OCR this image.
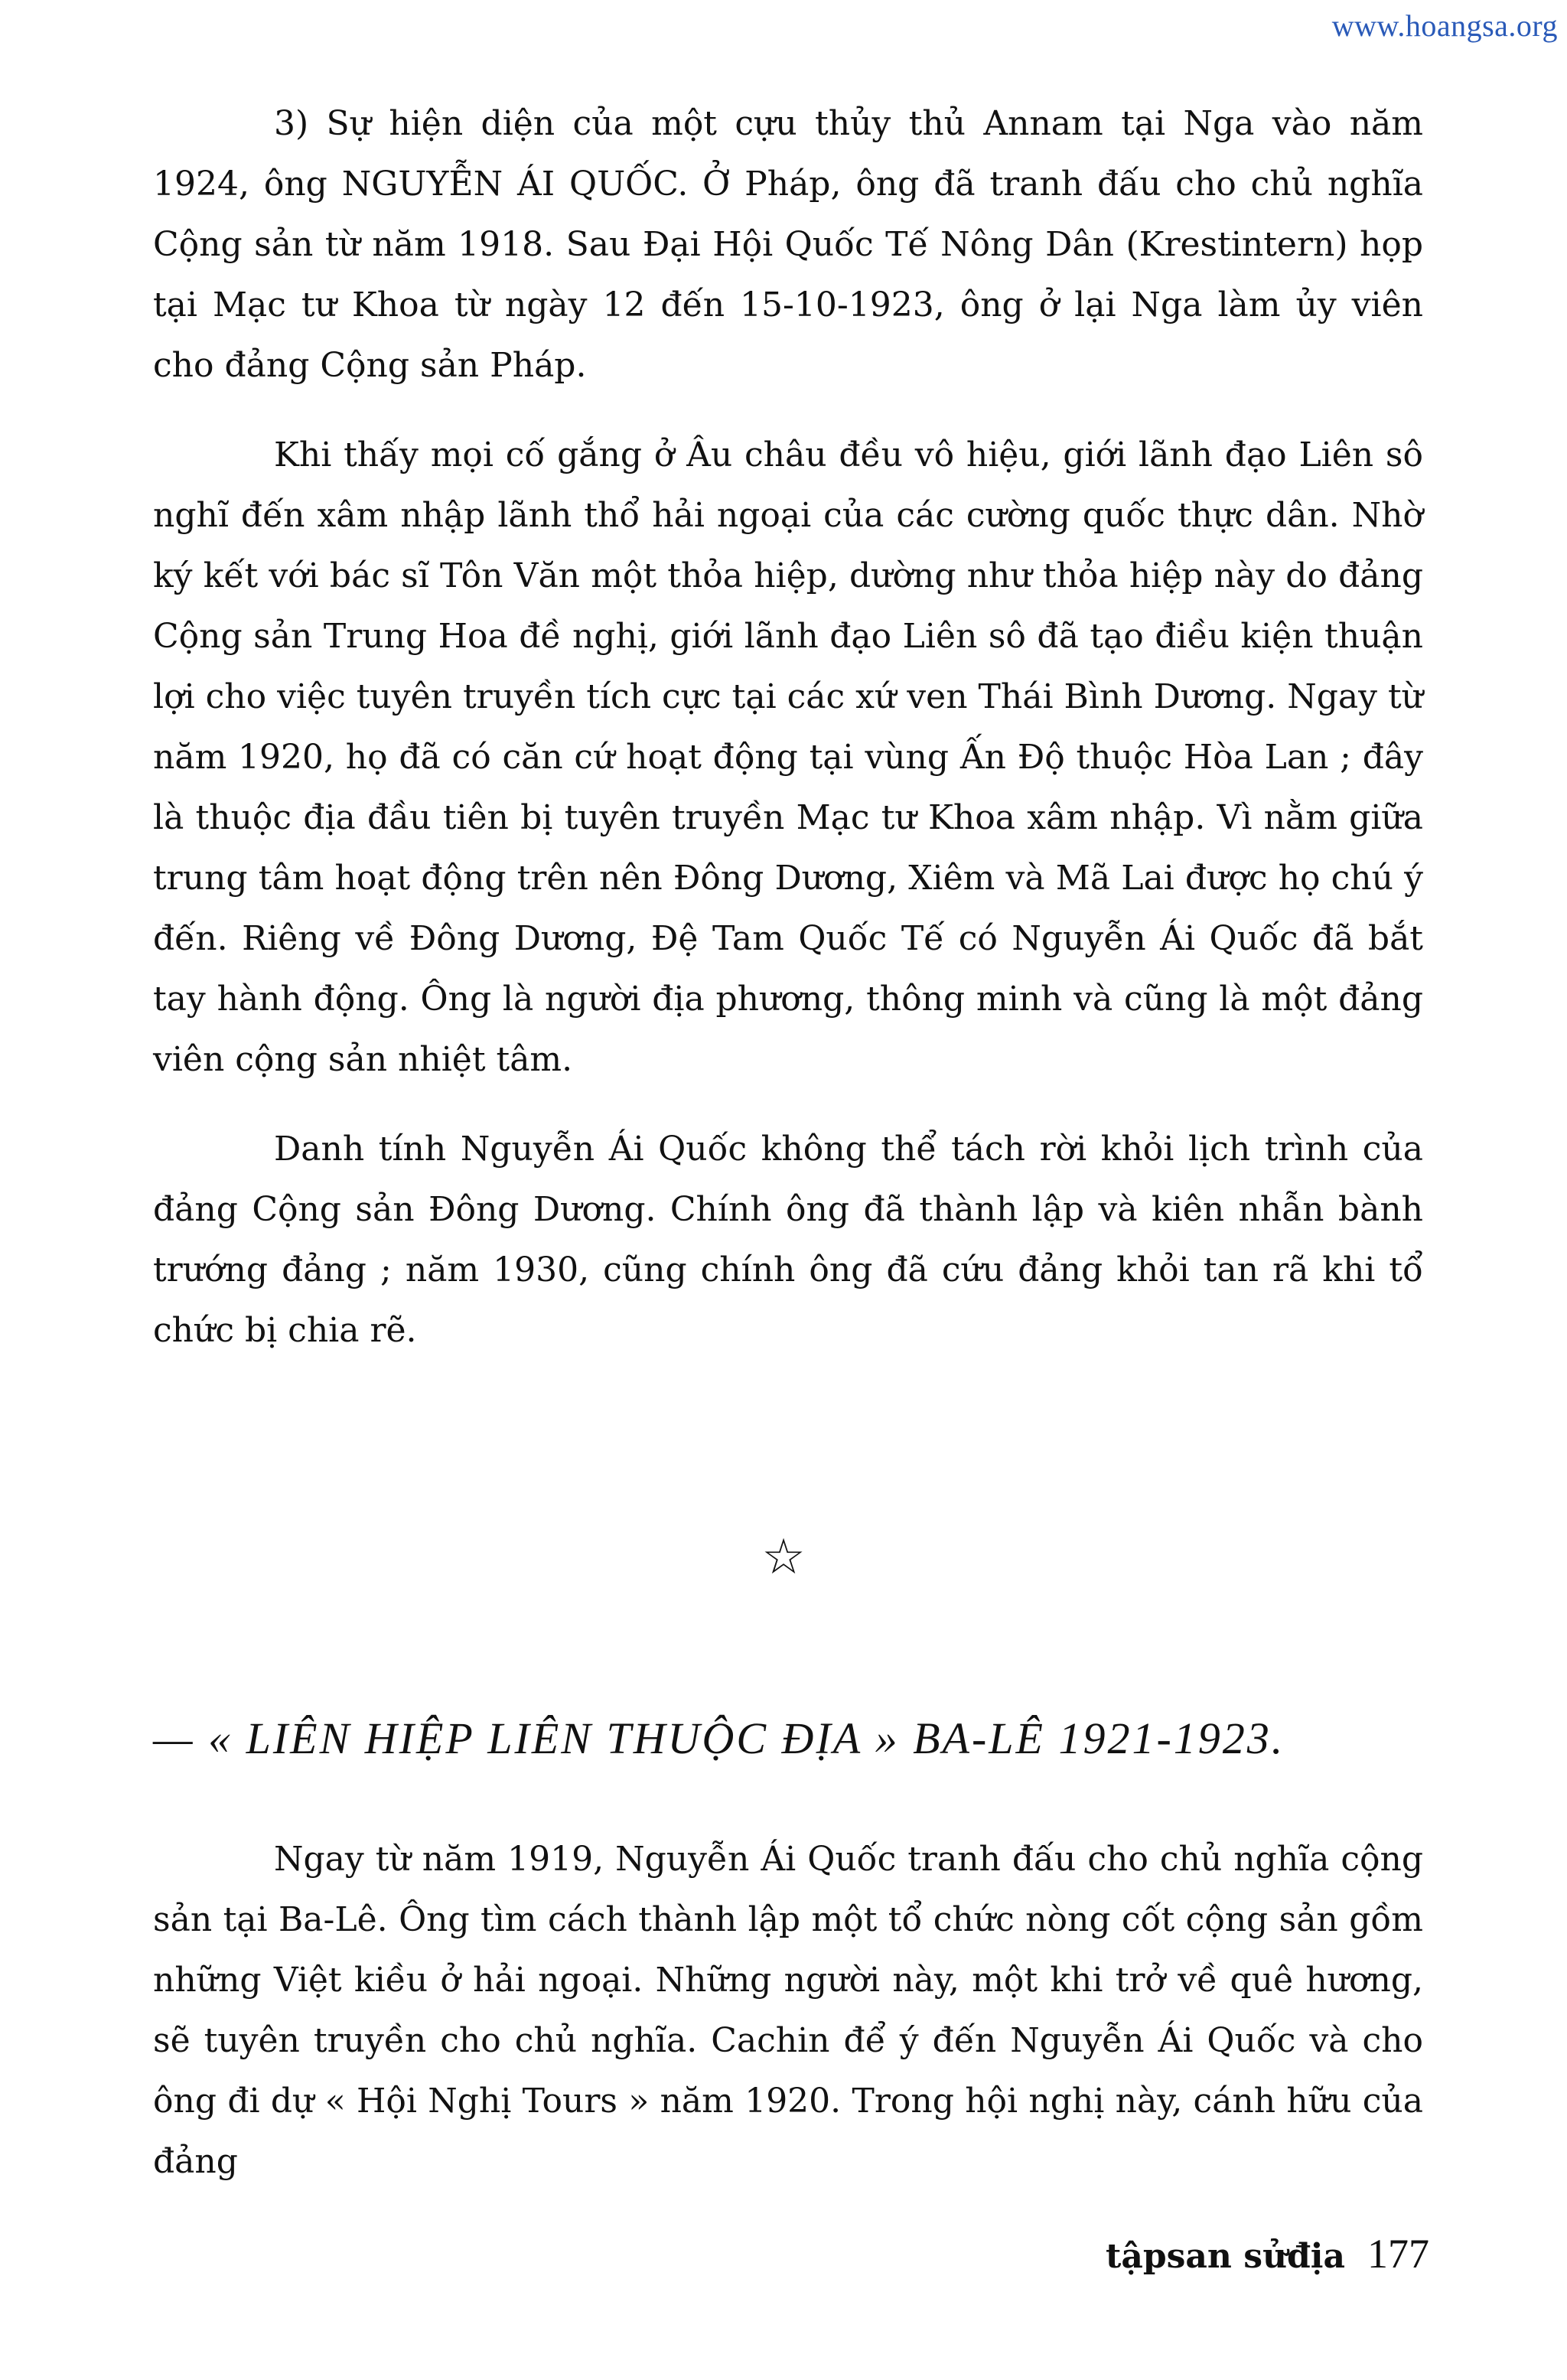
www.hoangsa.org

3) Sự hiện diện của một cựu thủy thủ Annam tại Nga vào năm 1924, ông NGUYỄN ÁI QUỐC. Ở Pháp, ông đã tranh đấu cho chủ nghĩa Cộng sản từ năm 1918. Sau Đại Hội Quốc Tế Nông Dân (Krestintern) họp tại Mạc tư Khoa từ ngày 12 đến 15-10-1923, ông ở lại Nga làm ủy viên cho đảng Cộng sản Pháp.

Khi thấy mọi cố gắng ở Âu châu đều vô hiệu, giới lãnh đạo Liên sô nghĩ đến xâm nhập lãnh thổ hải ngoại của các cường quốc thực dân. Nhờ ký kết với bác sĩ Tôn Văn một thỏa hiệp, dường như thỏa hiệp này do đảng Cộng sản Trung Hoa đề nghị, giới lãnh đạo Liên sô đã tạo điều kiện thuận lợi cho việc tuyên truyền tích cực tại các xứ ven Thái Bình Dương. Ngay từ năm 1920, họ đã có căn cứ hoạt động tại vùng Ấn Độ thuộc Hòa Lan ; đây là thuộc địa đầu tiên bị tuyên truyền Mạc tư Khoa xâm nhập. Vì nằm giữa trung tâm hoạt động trên nên Đông Dương, Xiêm và Mã Lai được họ chú ý đến. Riêng về Đông Dương, Đệ Tam Quốc Tế có Nguyễn Ái Quốc đã bắt tay hành động. Ông là người địa phương, thông minh và cũng là một đảng viên cộng sản nhiệt tâm.

Danh tính Nguyễn Ái Quốc không thể tách rời khỏi lịch trình của đảng Cộng sản Đông Dương. Chính ông đã thành lập và kiên nhẫn bành trướng đảng ; năm 1930, cũng chính ông đã cứu đảng khỏi tan rã khi tổ chức bị chia rẽ.

☆
— « LIÊN HIỆP LIÊN THUỘC ĐỊA » BA-LÊ 1921-1923.

Ngay từ năm 1919, Nguyễn Ái Quốc tranh đấu cho chủ nghĩa cộng sản tại Ba-Lê. Ông tìm cách thành lập một tổ chức nòng cốt cộng sản gồm những Việt kiều ở hải ngoại. Những người này, một khi trở về quê hương, sẽ tuyên truyền cho chủ nghĩa. Cachin để ý đến Nguyễn Ái Quốc và cho ông đi dự « Hội Nghị Tours » năm 1920. Trong hội nghị này, cánh hữu của đảng

tậpsan sửđịa 177
